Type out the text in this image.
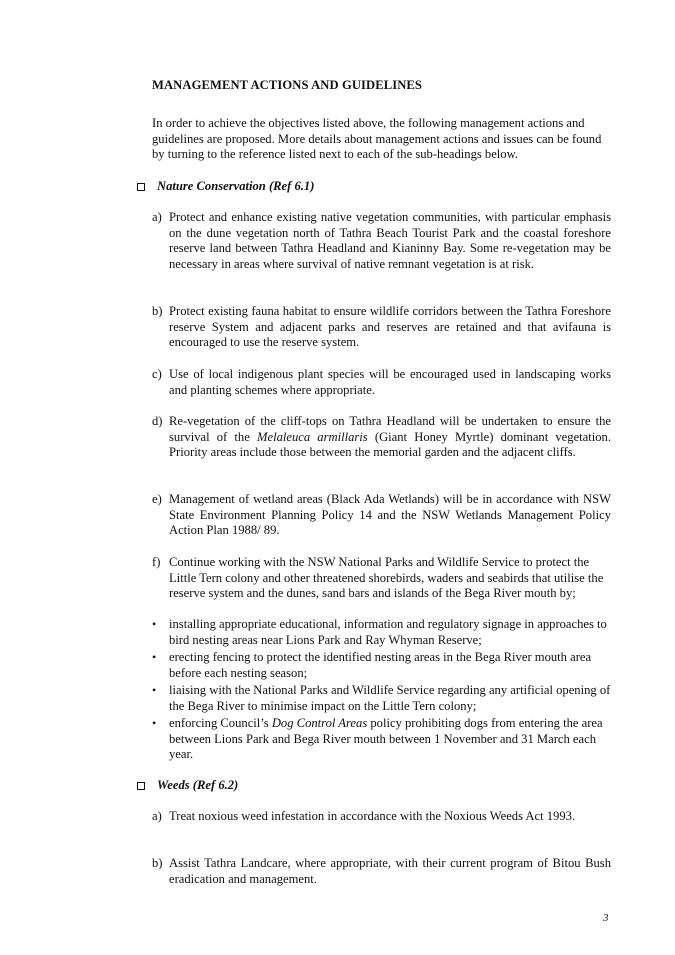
MANAGEMENT ACTIONS AND GUIDELINES
In order to achieve the objectives listed above, the following management actions and guidelines are proposed. More details about management actions and issues can be found by turning to the reference listed next to each of the sub-headings below.
Nature Conservation (Ref 6.1)
a) Protect and enhance existing native vegetation communities, with particular emphasis on the dune vegetation north of Tathra Beach Tourist Park and the coastal foreshore reserve land between Tathra Headland and Kianinny Bay. Some re-vegetation may be necessary in areas where survival of native remnant vegetation is at risk.
b) Protect existing fauna habitat to ensure wildlife corridors between the Tathra Foreshore reserve System and adjacent parks and reserves are retained and that avifauna is encouraged to use the reserve system.
c) Use of local indigenous plant species will be encouraged used in landscaping works and planting schemes where appropriate.
d) Re-vegetation of the cliff-tops on Tathra Headland will be undertaken to ensure the survival of the Melaleuca armillaris (Giant Honey Myrtle) dominant vegetation. Priority areas include those between the memorial garden and the adjacent cliffs.
e) Management of wetland areas (Black Ada Wetlands) will be in accordance with NSW State Environment Planning Policy 14 and the NSW Wetlands Management Policy Action Plan 1988/ 89.
f) Continue working with the NSW National Parks and Wildlife Service to protect the Little Tern colony and other threatened shorebirds, waders and seabirds that utilise the reserve system and the dunes, sand bars and islands of the Bega River mouth by;
•	installing appropriate educational, information and regulatory signage in approaches to bird nesting areas near Lions Park and Ray Whyman Reserve;
•	erecting fencing to protect the identified nesting areas in the Bega River mouth area before each nesting season;
•	liaising with the National Parks and Wildlife Service regarding any artificial opening of the Bega River to minimise impact on the Little Tern colony;
•	enforcing Council’s Dog Control Areas policy prohibiting dogs from entering the area between Lions Park and Bega River mouth between 1 November and 31 March each year.
Weeds (Ref 6.2)
a) Treat noxious weed infestation in accordance with the Noxious Weeds Act 1993.
b) Assist Tathra Landcare, where appropriate, with their current program of Bitou Bush eradication and management.
3
